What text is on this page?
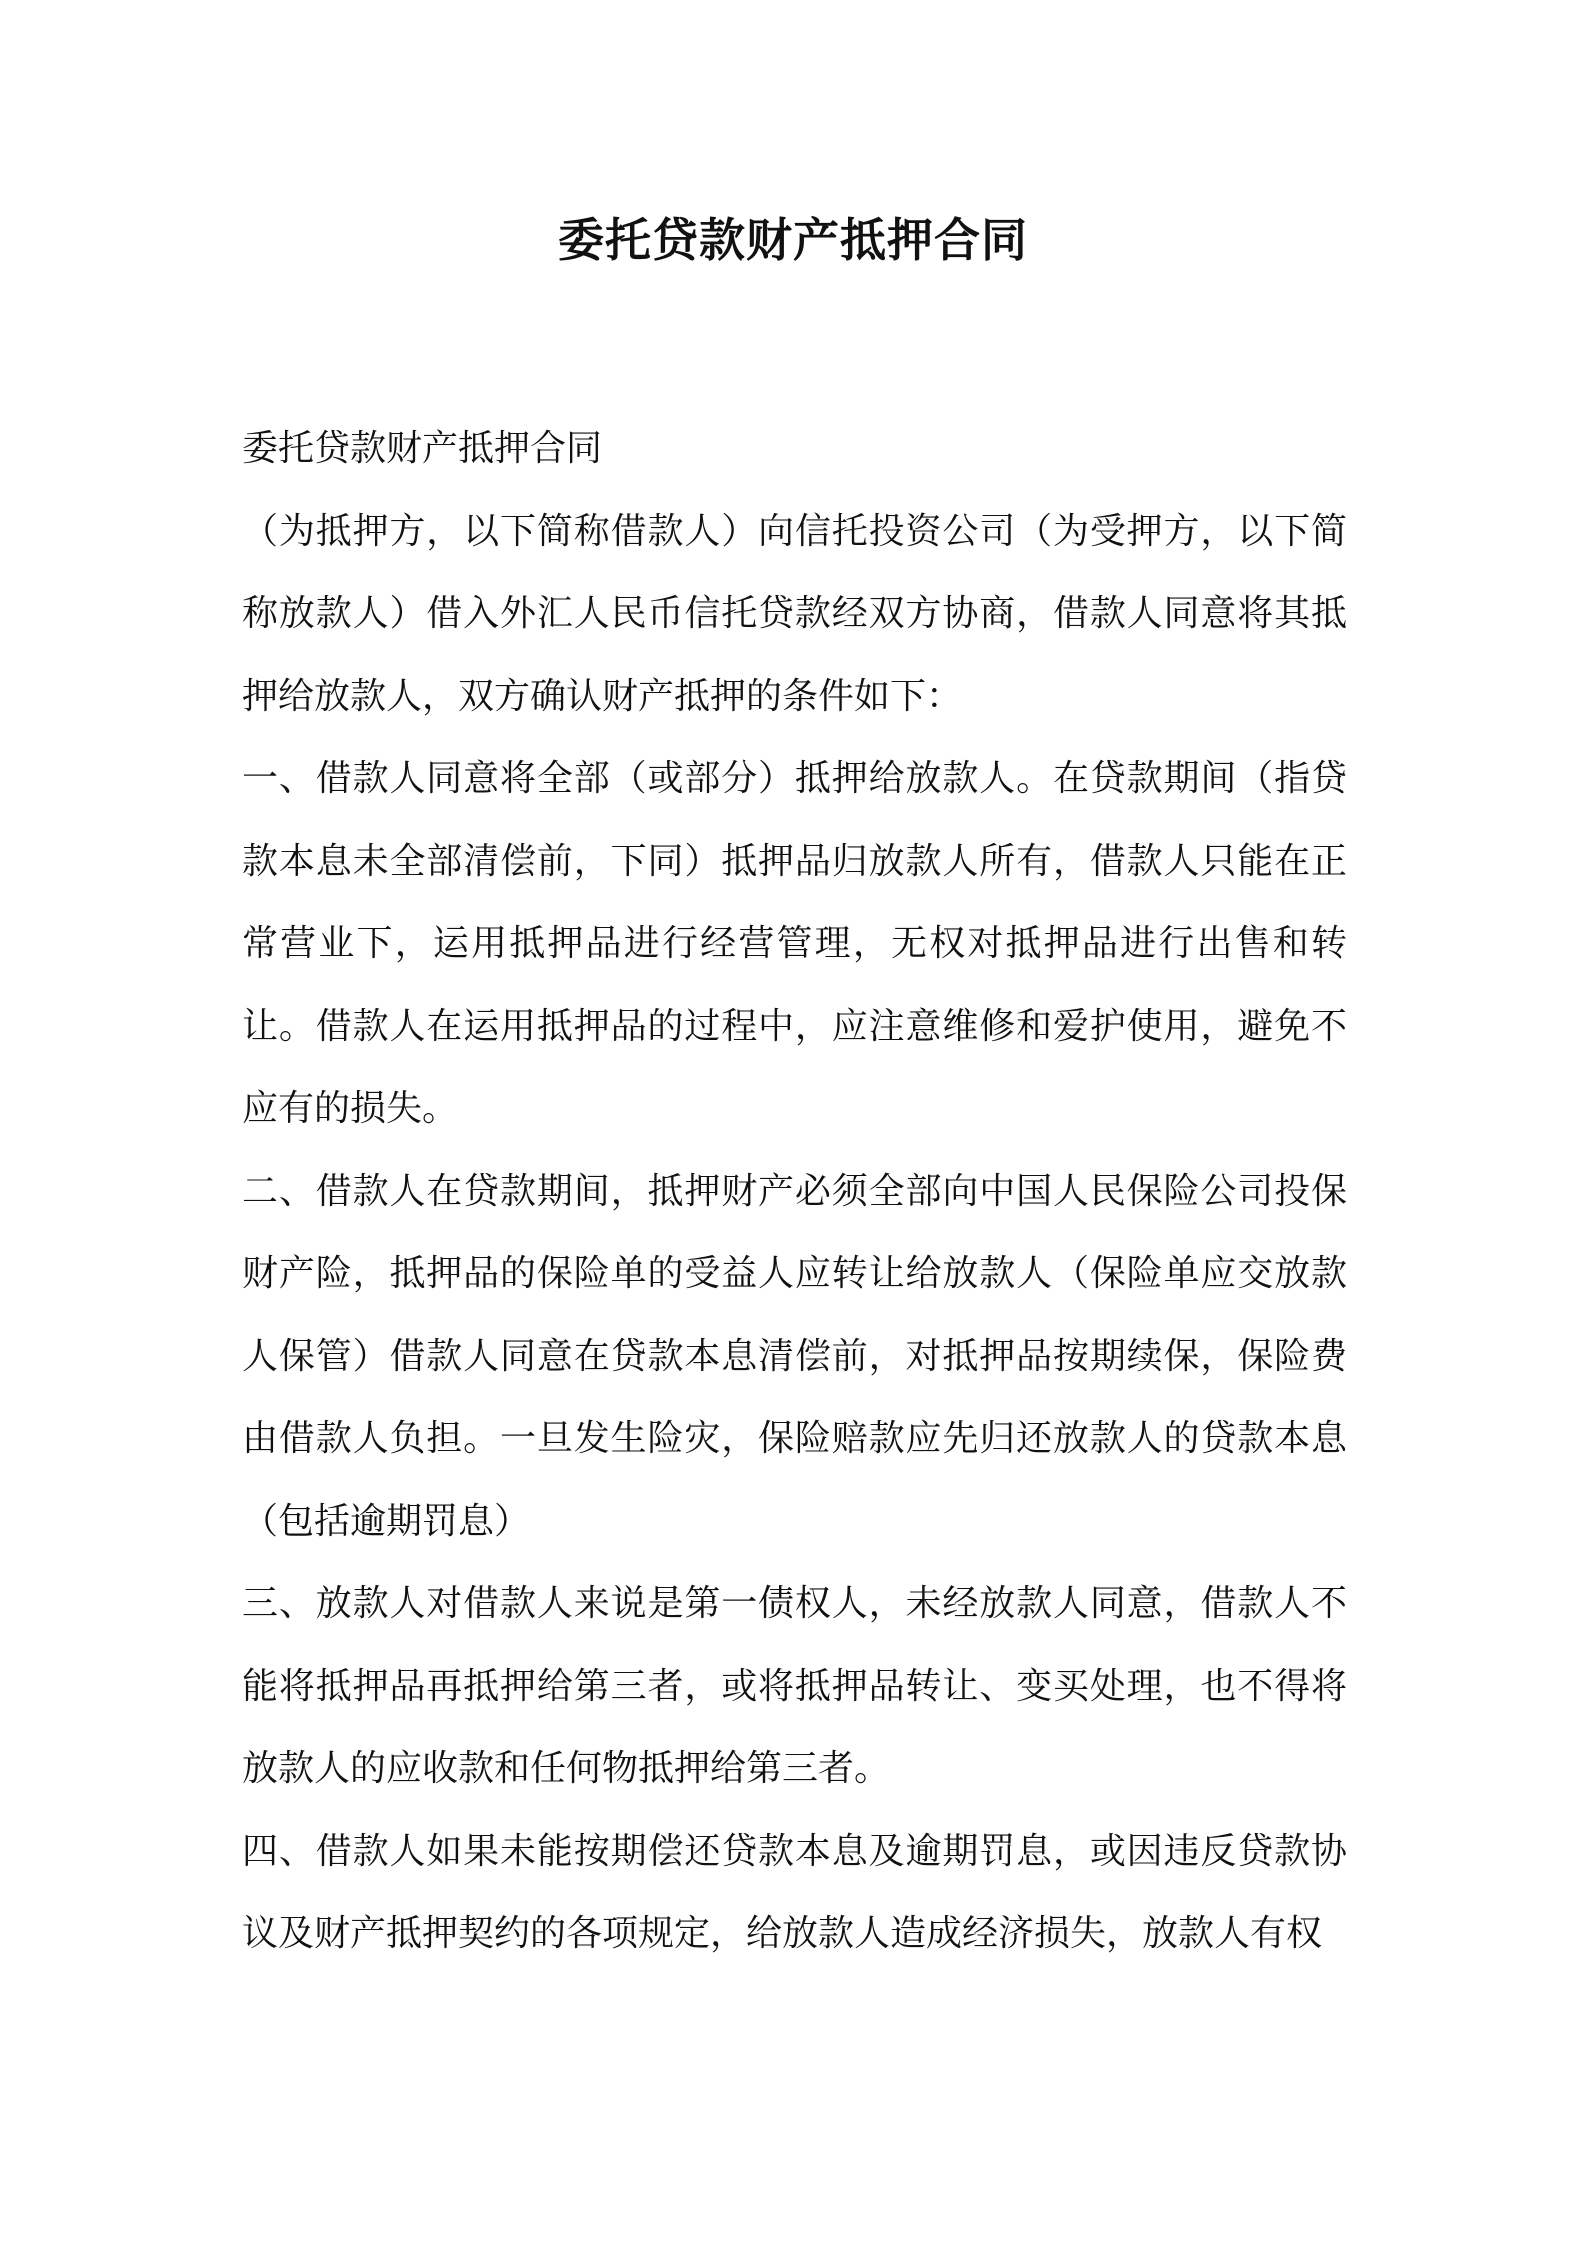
委托贷款财产抵押合同

委托贷款财产抵押合同

（为抵押方，以下简称借款人）向信托投资公司（为受押方，以下简称放款人）借入外汇人民币信托贷款经双方协商，借款人同意将其抵押给放款人，双方确认财产抵押的条件如下：

一、借款人同意将全部（或部分）抵押给放款人。在贷款期间（指贷款本息未全部清偿前，下同）抵押品归放款人所有，借款人只能在正常营业下，运用抵押品进行经营管理，无权对抵押品进行出售和转让。借款人在运用抵押品的过程中，应注意维修和爱护使用，避免不应有的损失。

二、借款人在贷款期间，抵押财产必须全部向中国人民保险公司投保财产险，抵押品的保险单的受益人应转让给放款人（保险单应交放款人保管）借款人同意在贷款本息清偿前，对抵押品按期续保，保险费由借款人负担。一旦发生险灾，保险赔款应先归还放款人的贷款本息（包括逾期罚息）

三、放款人对借款人来说是第一债权人，未经放款人同意，借款人不能将抵押品再抵押给第三者，或将抵押品转让、变买处理，也不得将放款人的应收款和任何物抵押给第三者。

四、借款人如果未能按期偿还贷款本息及逾期罚息，或因违反贷款协议及财产抵押契约的各项规定，给放款人造成经济损失，放款人有权
